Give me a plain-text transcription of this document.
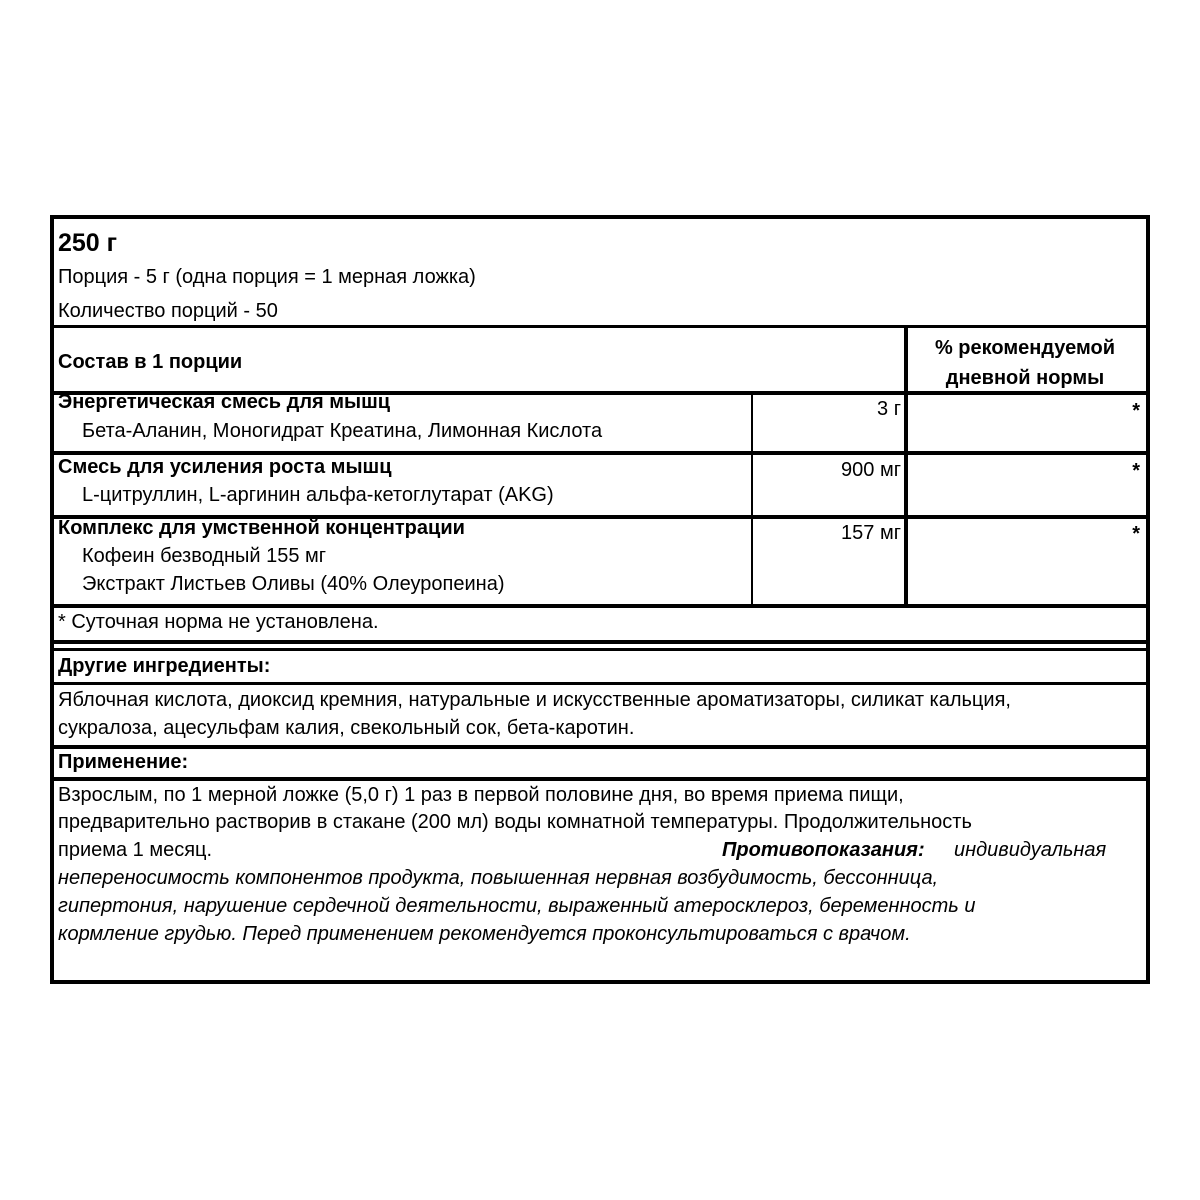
250 г
Порция - 5 г (одна порция = 1 мерная ложка)
Количество порций - 50
Состав в 1 порции
% рекомендуемой
дневной нормы
Энергетическая смесь для мышц
Бета-Аланин, Моногидрат Креатина, Лимонная Кислота
3 г	*
Смесь для усиления роста мышц
L-цитруллин, L-аргинин альфа-кетоглутарат (AKG)
900 мг	*
Комплекс для умственной концентрации
Кофеин безводный 155 мг
Экстракт Листьев Оливы (40% Олеуропеина)
157 мг	*
* Суточная норма не установлена.
Другие ингредиенты:
Яблочная кислота, диоксид кремния, натуральные и искусственные ароматизаторы, силикат кальция,
сукралоза, ацесульфам калия, свекольный сок, бета-каротин.
Применение:
Взрослым, по 1 мерной ложке (5,0 г) 1 раз в первой половине дня, во время приема пищи,
предварительно растворив в стакане (200 мл) воды комнатной температуры. Продолжительность
приема 1 месяц.	Противопоказания: индивидуальная
непереносимость компонентов продукта, повышенная нервная возбудимость, бессонница,
гипертония, нарушение сердечной деятельности, выраженный атеросклероз, беременность и
кормление грудью. Перед применением рекомендуется проконсультироваться с врачом.
